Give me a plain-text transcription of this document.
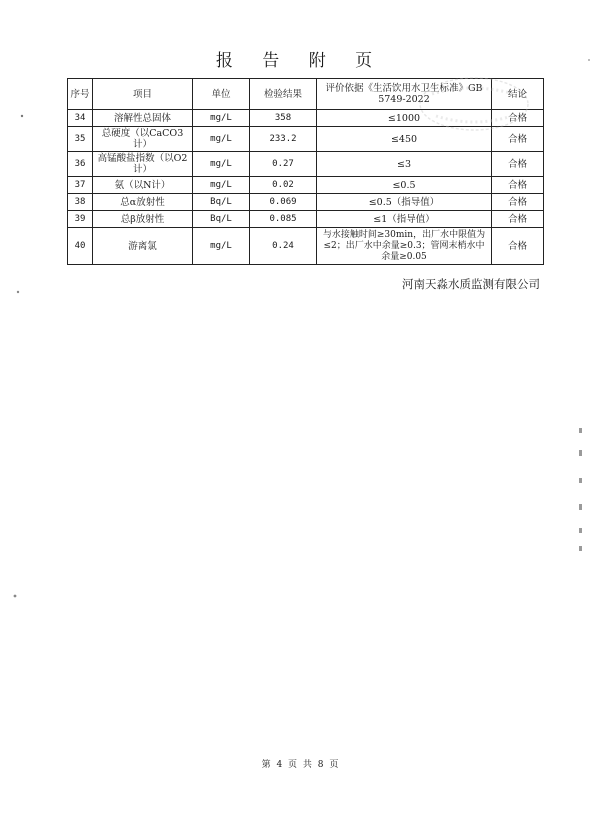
报 告 附 页
序号	项目	单位	检验结果	评价依据《生活饮用水卫生标准》GB 5749-2022	结论
34	溶解性总固体	mg/L	358	≤1000	合格
35	总硬度（以CaCO3计）	mg/L	233.2	≤450	合格
36	高锰酸盐指数（以O2计）	mg/L	0.27	≤3	合格
37	氨（以N计）	mg/L	0.02	≤0.5	合格
38	总α放射性	Bq/L	0.069	≤0.5（指导值）	合格
39	总β放射性	Bq/L	0.085	≤1（指导值）	合格
40	游离氯	mg/L	0.24	与水接触时间≥30min，出厂水中限值为≤2；出厂水中余量≥0.3；管网末梢水中余量≥0.05	合格
河南天淼水质监测有限公司
第 4 页 共 8 页
